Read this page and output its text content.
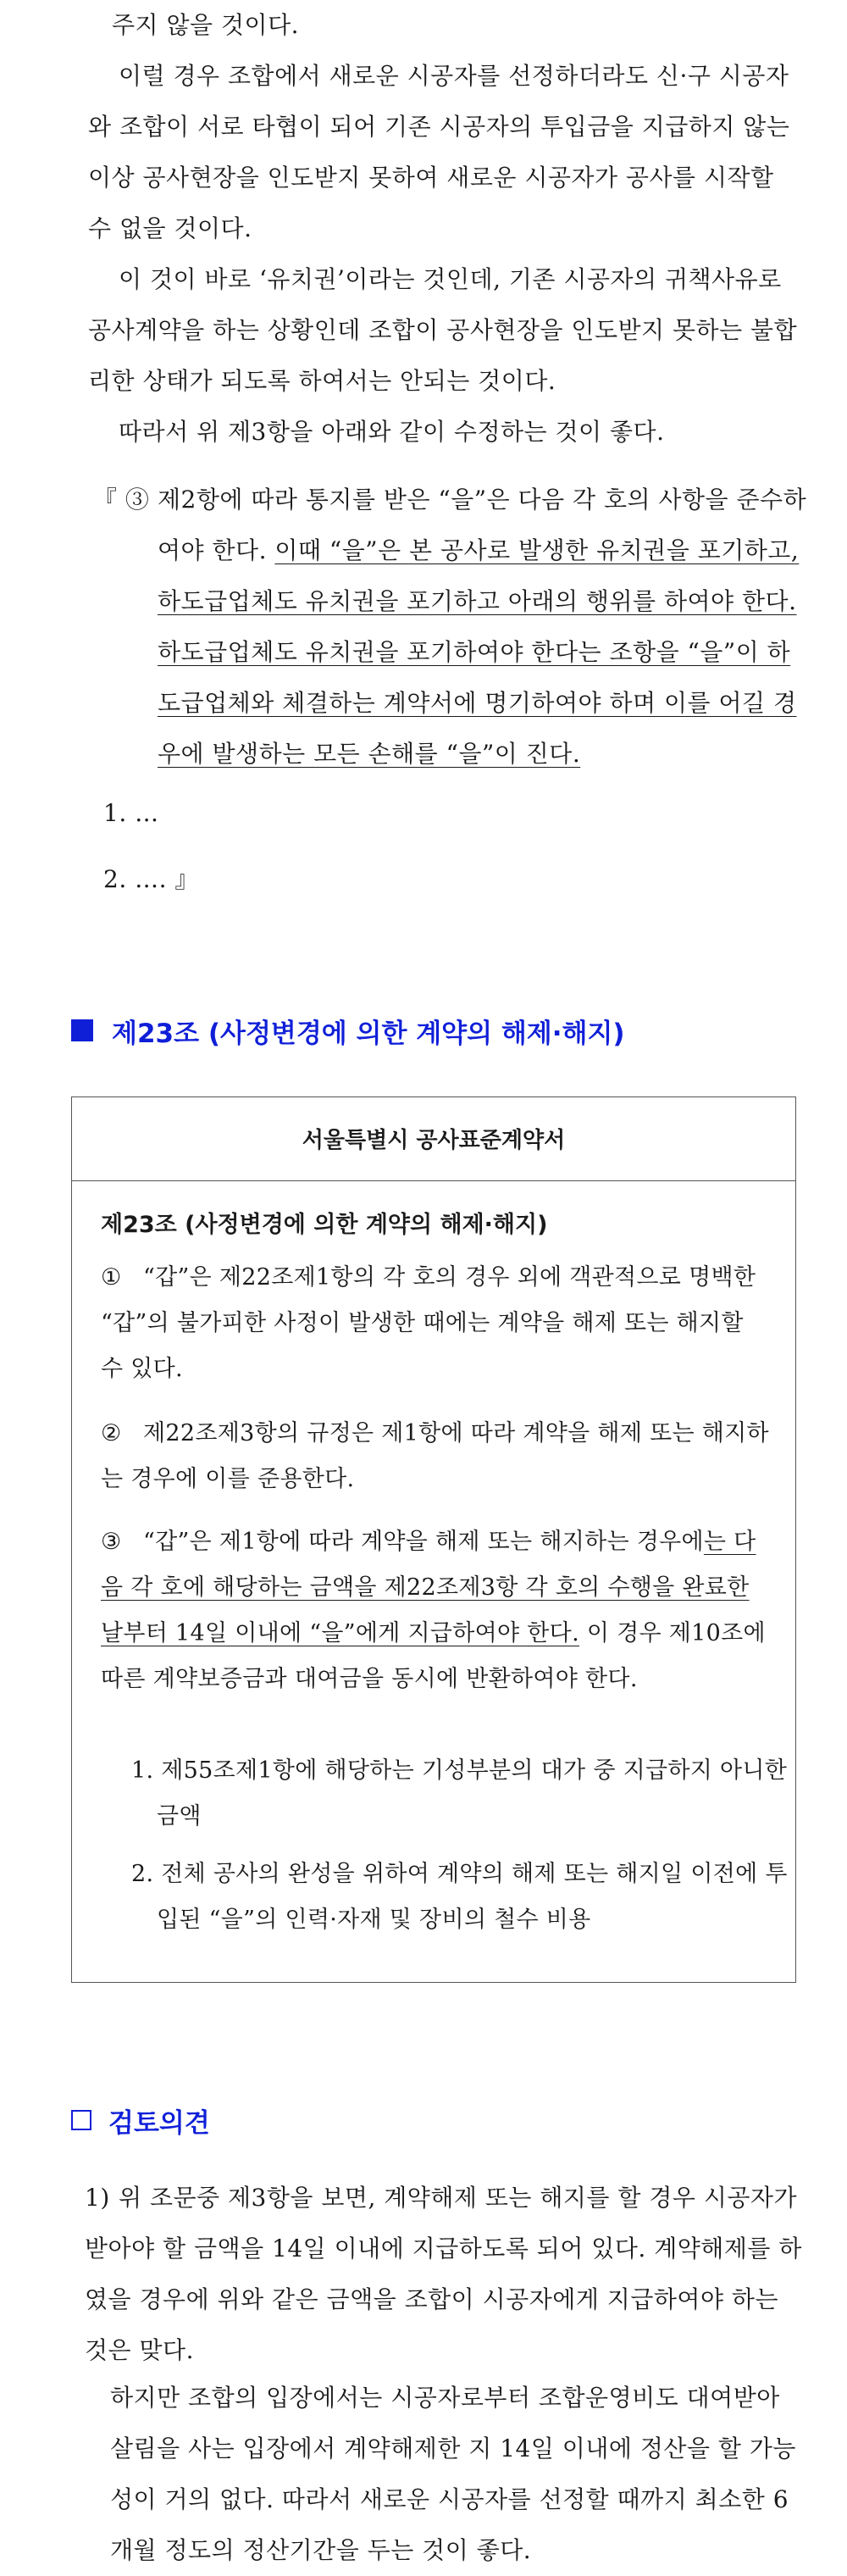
주지 않을 것이다.

이럴 경우 조합에서 새로운 시공자를 선정하더라도 신·구 시공자와 조합이 서로 타협이 되어 기존 시공자의 투입금을 지급하지 않는 이상 공사현장을 인도받지 못하여 새로운 시공자가 공사를 시작할 수 없을 것이다.

이 것이 바로 ‘유치권’이라는 것인데, 기존 시공자의 귀책사유로 공사계약을 하는 상황인데 조합이 공사현장을 인도받지 못하는 불합리한 상태가 되도록 하여서는 안되는 것이다.

따라서 위 제3항을 아래와 같이 수정하는 것이 좋다.

『 ③ 제2항에 따라 통지를 받은 “을”은 다음 각 호의 사항을 준수하여야 한다. 이때 “을”은 본 공사로 발생한 유치권을 포기하고, 하도급업체도 유치권을 포기하고 아래의 행위를 하여야 한다. 하도급업체도 유치권을 포기하여야 한다는 조항을 “을”이 하도급업체와 체결하는 계약서에 명기하여야 하며 이를 어길 경우에 발생하는 모든 손해를 “을”이 진다.

1. …

2. …. 』

제23조 (사정변경에 의한 계약의 해제·해지)
서울특별시 공사표준계약서
제23조 (사정변경에 의한 계약의 해제·해지)
① “갑”은 제22조제1항의 각 호의 경우 외에 객관적으로 명백한 “갑”의 불가피한 사정이 발생한 때에는 계약을 해제 또는 해지할 수 있다.

② 제22조제3항의 규정은 제1항에 따라 계약을 해제 또는 해지하는 경우에 이를 준용한다.

③ “갑”은 제1항에 따라 계약을 해제 또는 해지하는 경우에는 다음 각 호에 해당하는 금액을 제22조제3항 각 호의 수행을 완료한 날부터 14일 이내에 “을”에게 지급하여야 한다. 이 경우 제10조에 따른 계약보증금과 대여금을 동시에 반환하여야 한다.

1. 제55조제1항에 해당하는 기성부분의 대가 중 지급하지 아니한 금액

2. 전체 공사의 완성을 위하여 계약의 해제 또는 해지일 이전에 투입된 “을”의 인력·자재 및 장비의 철수 비용

검토의견
1) 위 조문중 제3항을 보면, 계약해제 또는 해지를 할 경우 시공자가 받아야 할 금액을 14일 이내에 지급하도록 되어 있다. 계약해제를 하였을 경우에 위와 같은 금액을 조합이 시공자에게 지급하여야 하는 것은 맞다.

하지만 조합의 입장에서는 시공자로부터 조합운영비도 대여받아 살림을 사는 입장에서 계약해제한 지 14일 이내에 정산을 할 가능성이 거의 없다. 따라서 새로운 시공자를 선정할 때까지 최소한 6개월 정도의 정산기간을 두는 것이 좋다.
